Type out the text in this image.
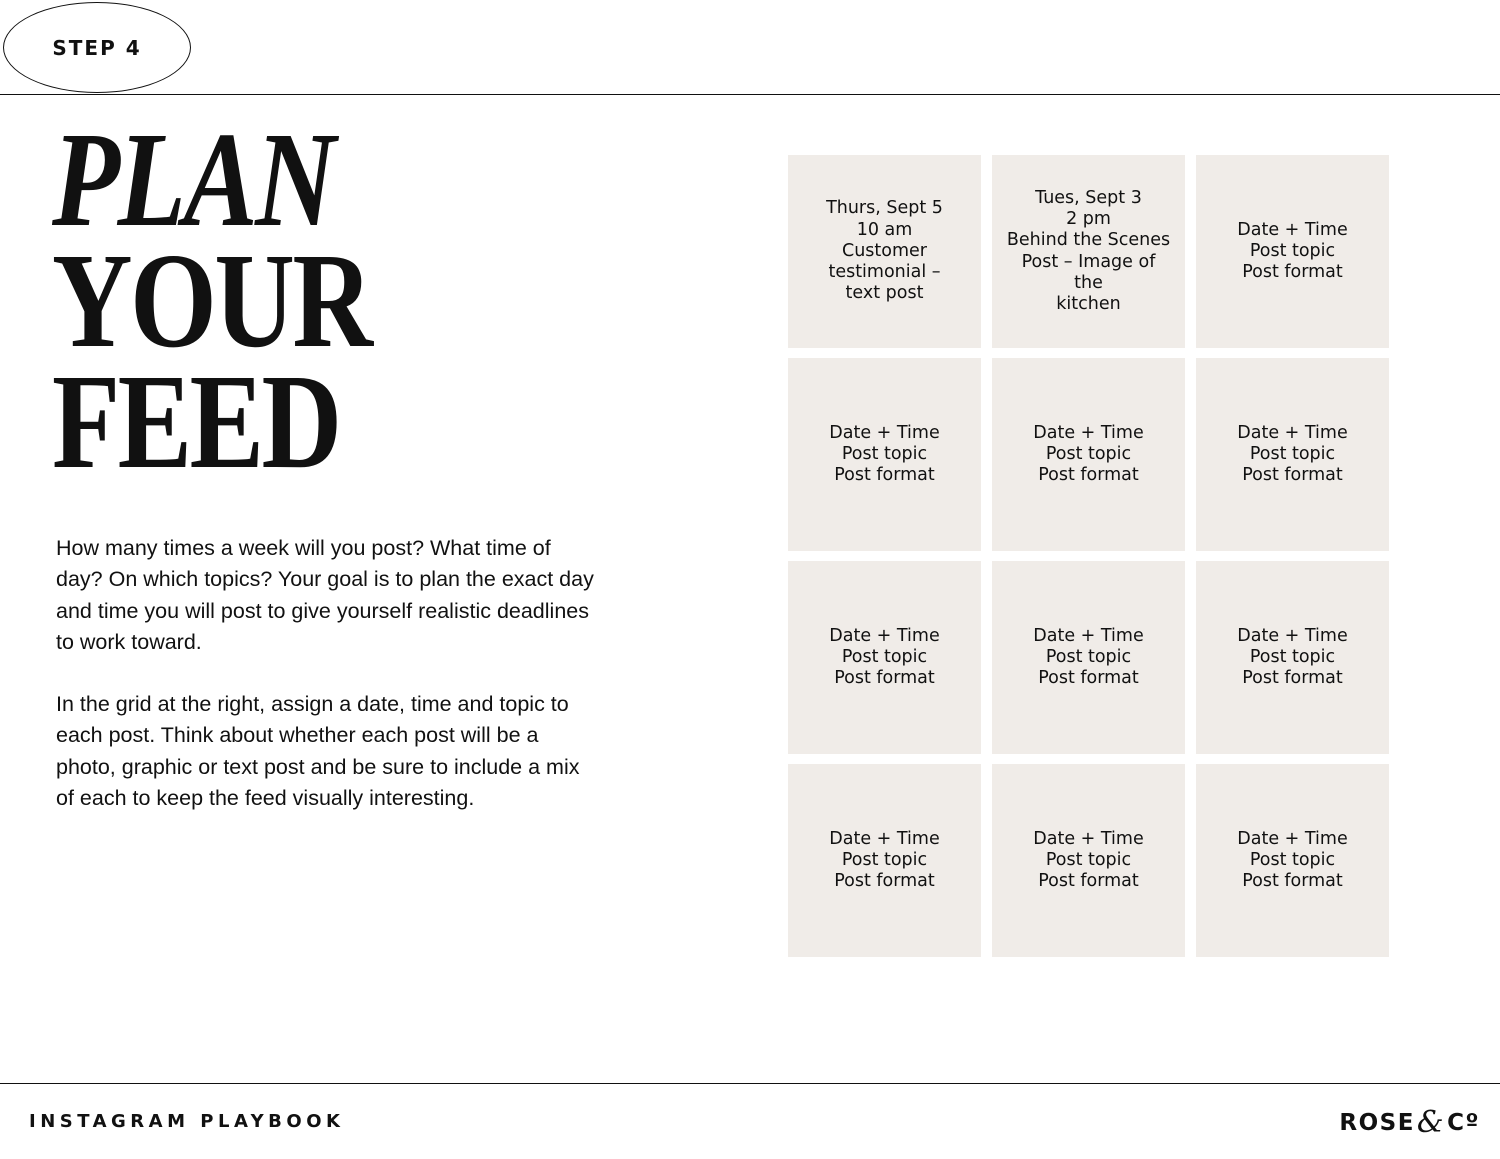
STEP 4
PLAN
YOUR
FEED

How many times a week will you post? What time of day? On which topics? Your goal is to plan the exact day and time you will post to give yourself realistic deadlines to work toward.

In the grid at the right, assign a date, time and topic to each post. Think about whether each post will be a photo, graphic or text post and be sure to include a mix of each to keep the feed visually interesting.

Thurs, Sept 5
10 am
Customer
testimonial –
text post
Tues, Sept 3
2 pm
Behind the Scenes
Post – Image of the
kitchen
Date + Time
Post topic
Post format
Date + Time
Post topic
Post format
Date + Time
Post topic
Post format
Date + Time
Post topic
Post format
Date + Time
Post topic
Post format
Date + Time
Post topic
Post format
Date + Time
Post topic
Post format
Date + Time
Post topic
Post format
Date + Time
Post topic
Post format
Date + Time
Post topic
Post format
INSTAGRAM PLAYBOOK	ROSE & Cº
